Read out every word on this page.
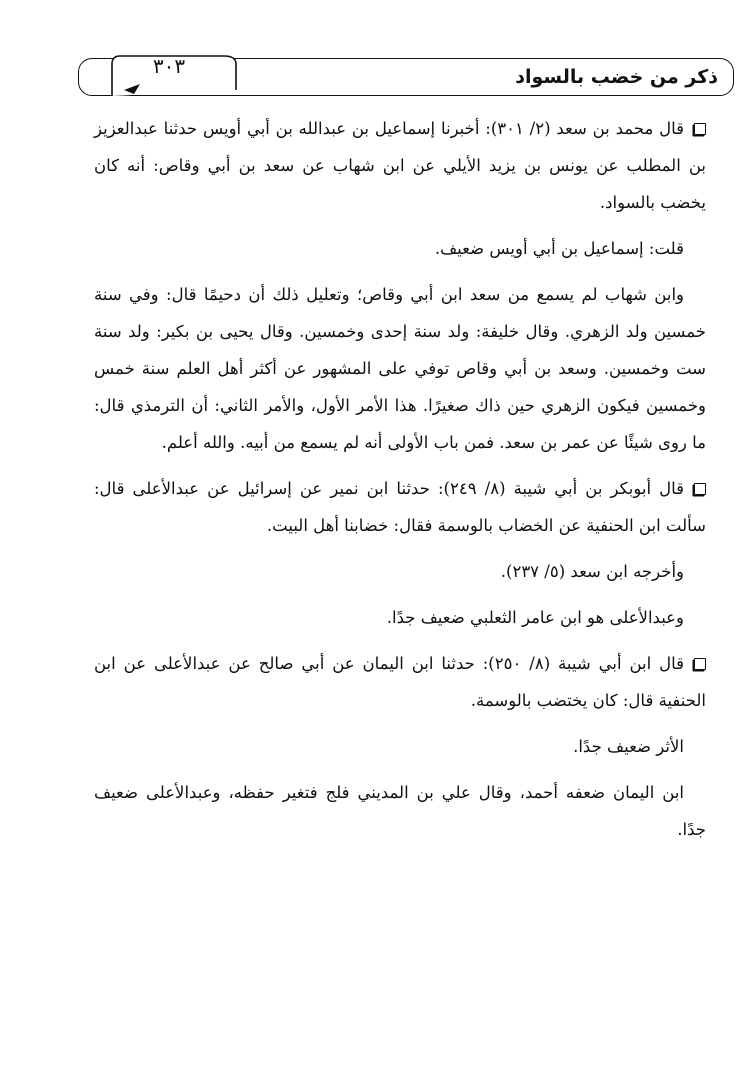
ذكر من خضب بالسواد
٣٠٣

قال محمد بن سعد (٢/ ٣٠١): أخبرنا إسماعيل بن عبدالله بن أبي أويس حدثنا عبدالعزيز بن المطلب عن يونس بن يزيد الأيلي عن ابن شهاب عن سعد بن أبي وقاص: أنه كان يخضب بالسواد.

قلت: إسماعيل بن أبي أويس ضعيف.

وابن شهاب لم يسمع من سعد ابن أبي وقاص؛ وتعليل ذلك أن دحيمًا قال: وفي سنة خمسين ولد الزهري. وقال خليفة: ولد سنة إحدى وخمسين. وقال يحيى بن بكير: ولد سنة ست وخمسين. وسعد بن أبي وقاص توفي على المشهور عن أكثر أهل العلم سنة خمس وخمسين فيكون الزهري حين ذاك صغيرًا. هذا الأمر الأول، والأمر الثاني: أن الترمذي قال: ما روى شيئًا عن عمر بن سعد. فمن باب الأولى أنه لم يسمع من أبيه. والله أعلم.

قال أبوبكر بن أبي شيبة (٨/ ٢٤٩): حدثنا ابن نمير عن إسرائيل عن عبدالأعلى قال: سألت ابن الحنفية عن الخضاب بالوسمة فقال: خضابنا أهل البيت.

وأخرجه ابن سعد (٥/ ٢٣٧).

وعبدالأعلى هو ابن عامر الثعلبي ضعيف جدًا.

قال ابن أبي شيبة (٨/ ٢٥٠): حدثنا ابن اليمان عن أبي صالح عن عبدالأعلى عن ابن الحنفية قال: كان يختضب بالوسمة.

الأثر ضعيف جدًا.

ابن اليمان ضعفه أحمد، وقال علي بن المديني فلج فتغير حفظه، وعبدالأعلى ضعيف جدًا.
